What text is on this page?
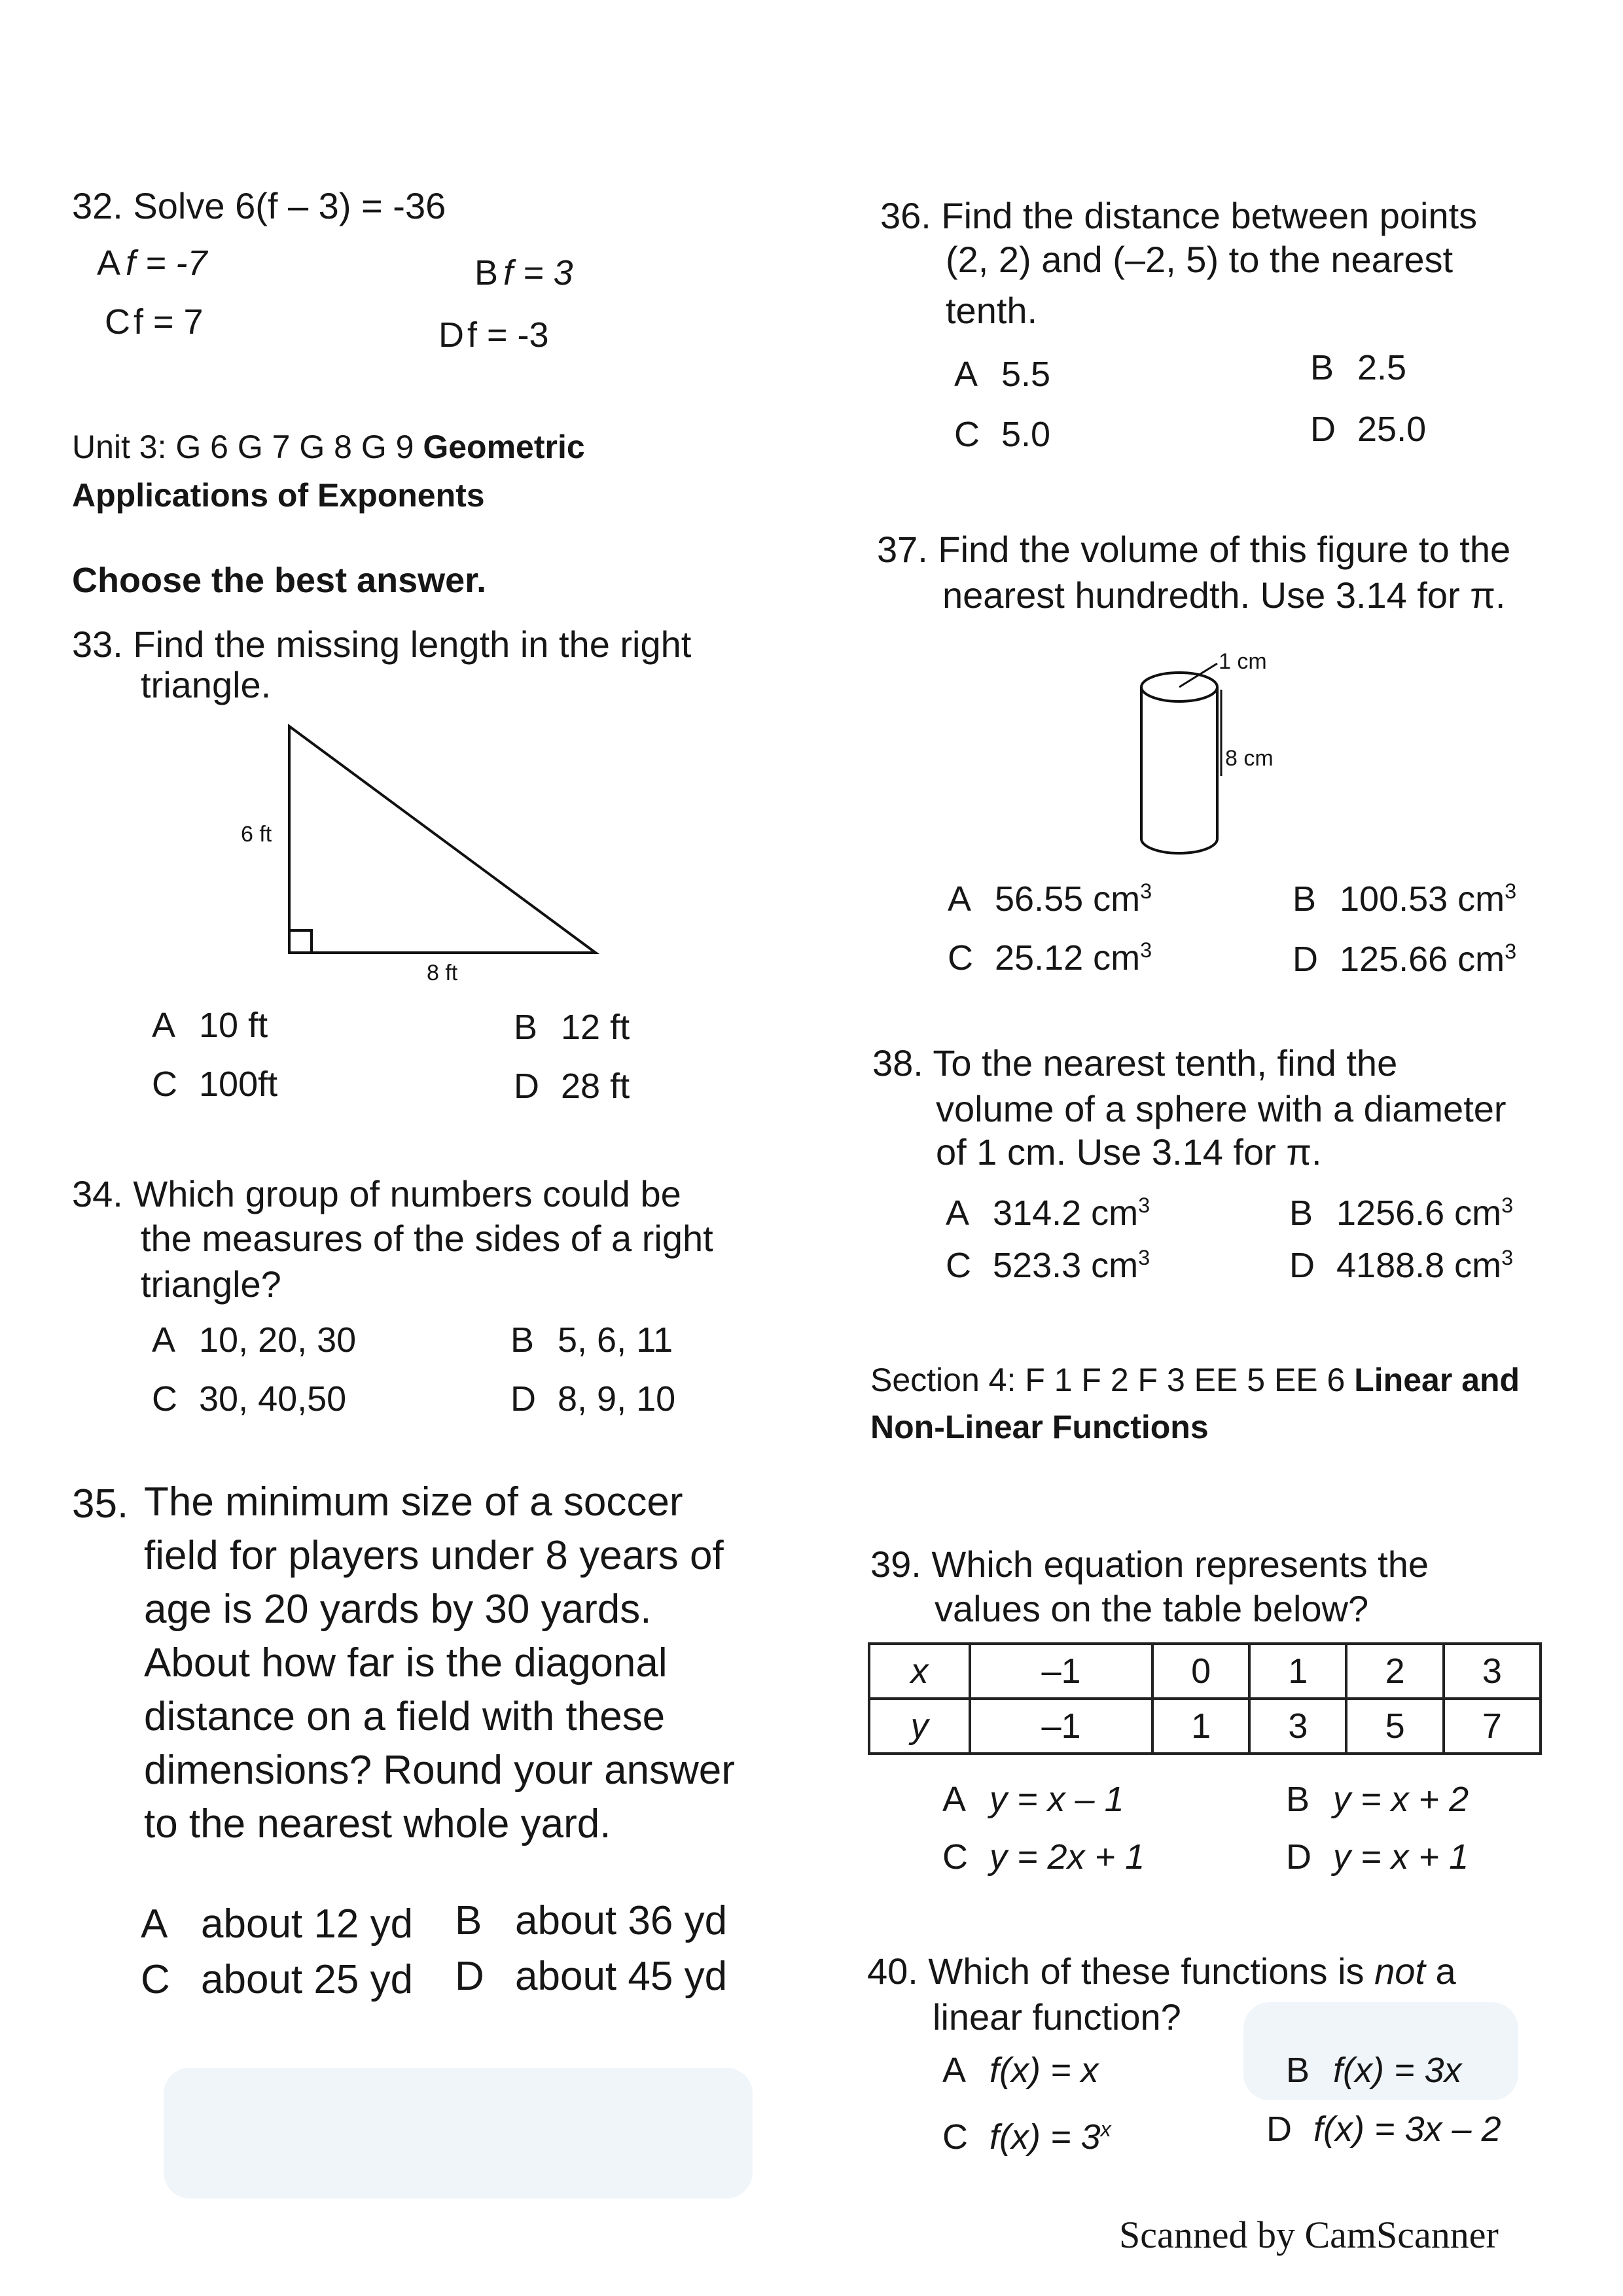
32. Solve 6(f – 3) = -36
A f = -7	B f = 3
Cf = 7	Df = -3
Unit 3: G 6 G 7 G 8 G 9 Geometric
Applications of Exponents
Choose the best answer.
33. Find the missing length in the right
triangle.
6 ft
8 ft
A 10 ft	B 12 ft
C 100ft	D 28 ft
34. Which group of numbers could be
the measures of the sides of a right
triangle?
A 10, 20, 30	B 5, 6, 11
C 30, 40,50	D 8, 9, 10
35. The minimum size of a soccer
field for players under 8 years of
age is 20 yards by 30 yards.
About how far is the diagonal
distance on a field with these
dimensions? Round your answer
to the nearest whole yard.
A about 12 yd B about 36 yd
C about 25 yd D about 45 yd
36. Find the distance between points
(2, 2) and (–2, 5) to the nearest
tenth.
A 5.5	B 2.5
C 5.0	D 25.0
37. Find the volume of this figure to the
nearest hundredth. Use 3.14 for π.
1 cm
8 cm
A 56.55 $cm^3$	B 100.53 $cm^3$
C 25.12 $cm^3$	D 125.66 $cm^3$
38. To the nearest tenth, find the
volume of a sphere with a diameter
of 1 cm. Use 3.14 for π.
A 314.2 $cm^3$	B 1256.6 $cm^3$
C 523.3 $cm^3$	D 4188.8 $cm^3$
Section 4: F 1 F 2 F 3 EE 5 EE 6 Linear and
Non-Linear Functions
39. Which equation represents the
values on the table below?
x	–1	0	1	2	3
y	–1	1	3	5	7
A y = x – 1	B y = x + 2
C y = 2x + 1	D y = x + 1
40. Which of these functions is not a
linear function?
A f(x) = x	B f(x) = 3x
C $f(x) = 3^x$	D f(x) = 3x – 2
Scanned by CamScanner
